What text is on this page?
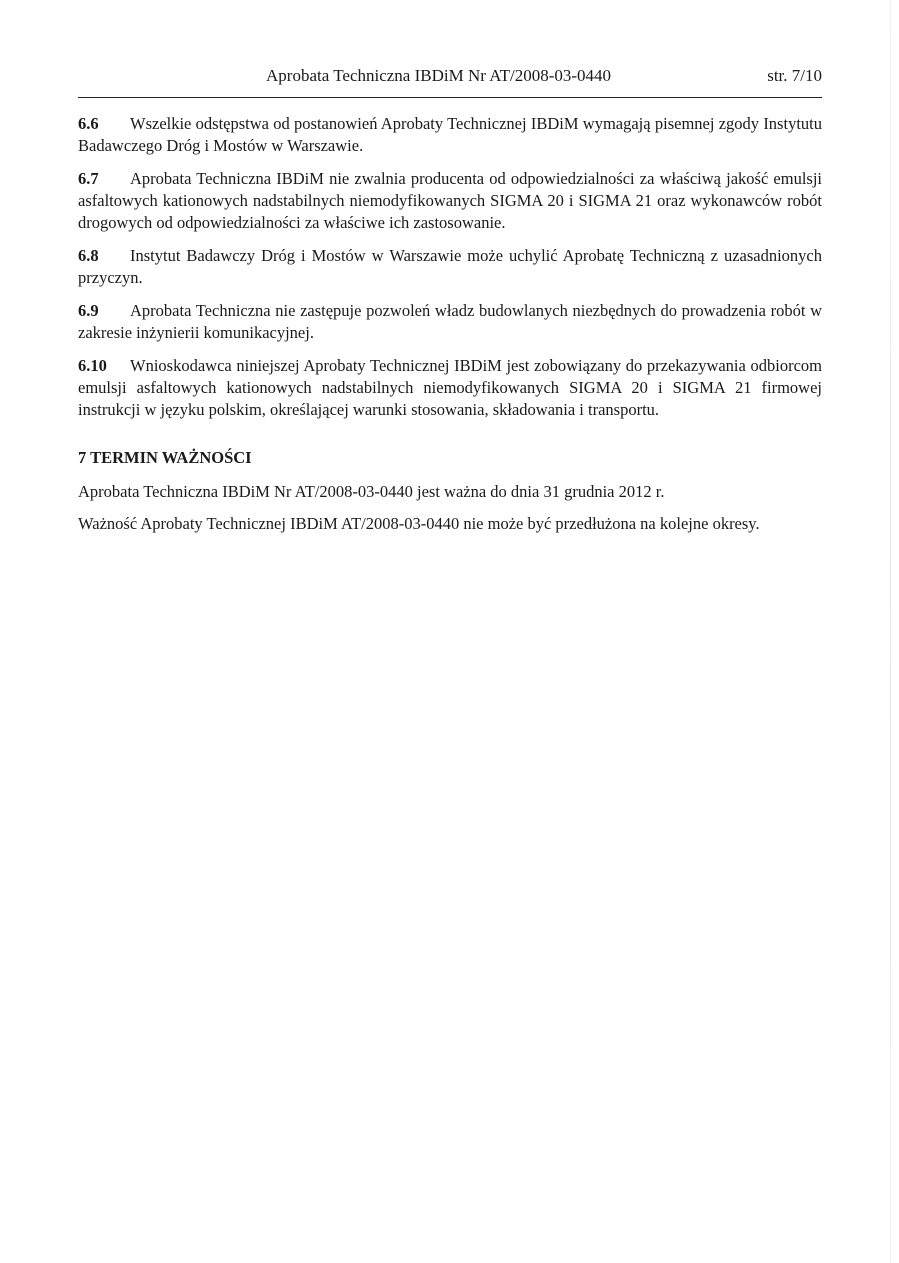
Aprobata Techniczna IBDiM Nr AT/2008-03-0440	str. 7/10

6.6 Wszelkie odstępstwa od postanowień Aprobaty Technicznej IBDiM wymagają pisemnej zgody Instytutu Badawczego Dróg i Mostów w Warszawie.

6.7 Aprobata Techniczna IBDiM nie zwalnia producenta od odpowiedzialności za właściwą jakość emulsji asfaltowych kationowych nadstabilnych niemodyfikowanych SIGMA 20 i SIGMA 21 oraz wykonawców robót drogowych od odpowiedzialności za właściwe ich zastosowanie.

6.8 Instytut Badawczy Dróg i Mostów w Warszawie może uchylić Aprobatę Techniczną z uzasadnionych przyczyn.

6.9 Aprobata Techniczna nie zastępuje pozwoleń władz budowlanych niezbędnych do prowadzenia robót w zakresie inżynierii komunikacyjnej.

6.10 Wnioskodawca niniejszej Aprobaty Technicznej IBDiM jest zobowiązany do przekazywania odbiorcom emulsji asfaltowych kationowych nadstabilnych niemodyfikowanych SIGMA 20 i SIGMA 21 firmowej instrukcji w języku polskim, określającej warunki stosowania, składowania i transportu.

7 TERMIN WAŻNOŚCI

Aprobata Techniczna IBDiM Nr AT/2008-03-0440 jest ważna do dnia 31 grudnia 2012 r.

Ważność Aprobaty Technicznej IBDiM AT/2008-03-0440 nie może być przedłużona na kolejne okresy.
